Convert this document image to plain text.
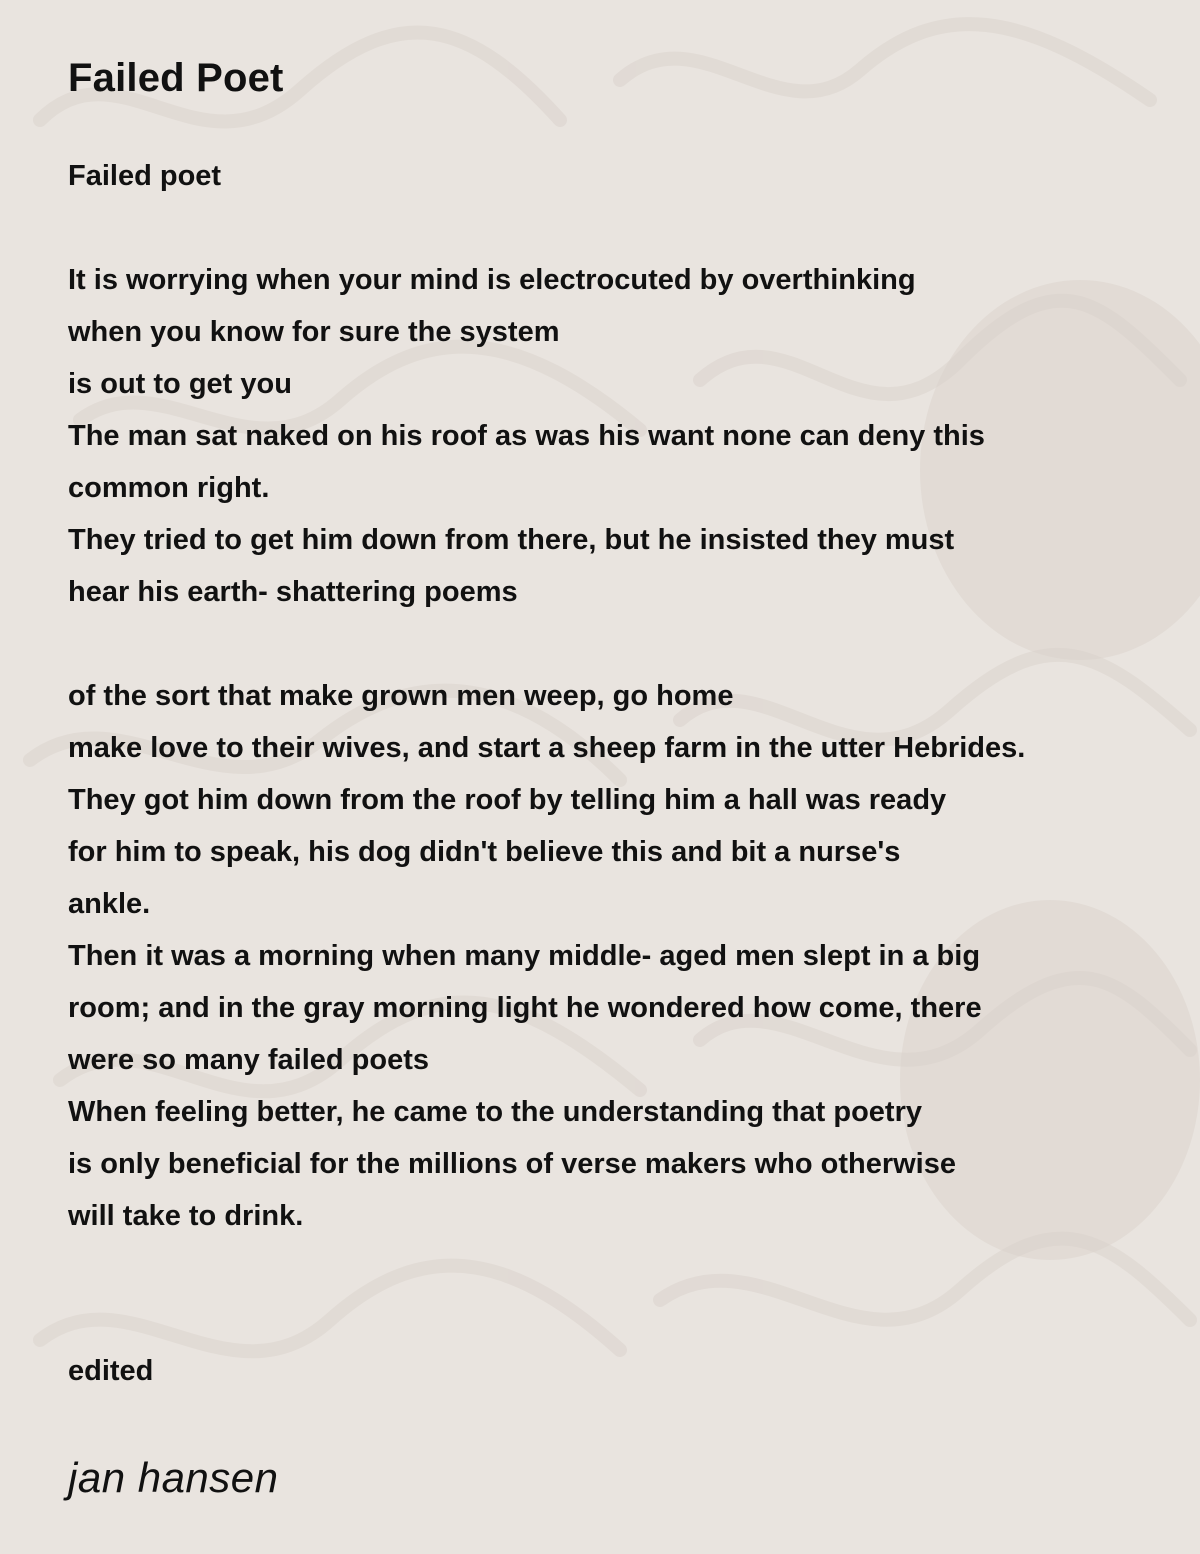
Failed Poet
Failed poet
It is worrying when your mind is electrocuted by overthinking
when you know for sure the system
is out to get you
The man sat naked on his roof as was his want none can deny this
common right.
They tried to get him down from there, but he insisted they must
hear his earth- shattering poems
of the sort that make grown men weep, go home
make love to their wives, and start a sheep farm in the utter Hebrides.
They got him down from the roof by telling him a hall was ready
for him to speak, his dog didn't believe this and bit a nurse's
ankle.
Then it was a morning when many middle- aged men slept in a big
room; and in the gray morning light he wondered how come, there
were so many failed poets
When feeling better, he came to the understanding that poetry
is only beneficial for the millions of verse makers who otherwise
will take to drink.
edited
jan hansen
